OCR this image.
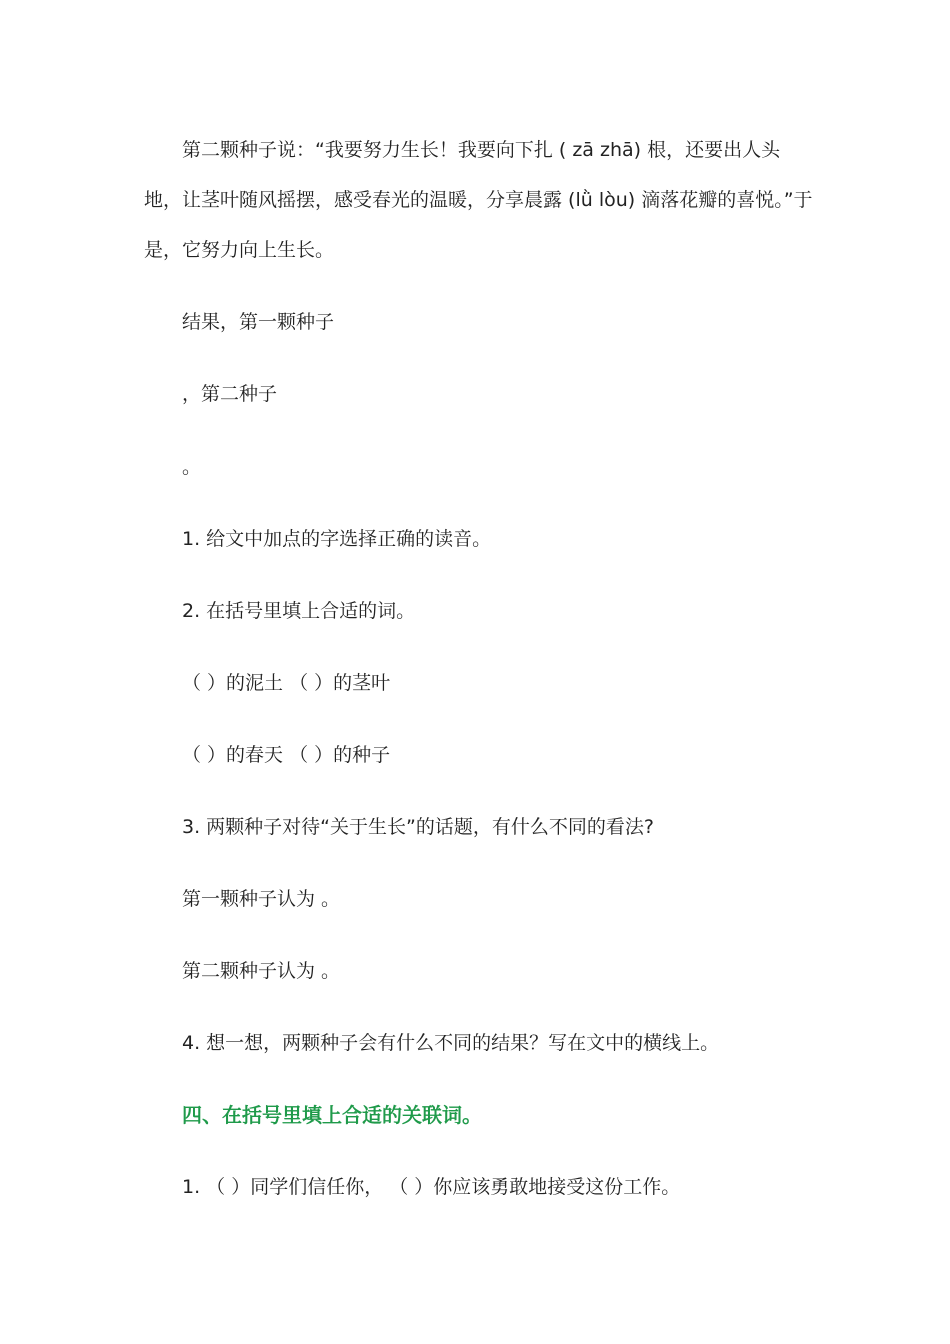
第二颗种子说：“我要努力生长！我要向下扎 ( zā zhā) 根，还要出人头地，让茎叶随风摇摆，感受春光的温暖，分享晨露 (lǜ lòu) 滴落花瓣的喜悦。”于是，它努力向上生长。

结果，第一颗种子
，第二种子
。
1. 给文中加点的字选择正确的读音。
2. 在括号里填上合适的词。
（ ）的泥土 （ ）的茎叶
（ ）的春天 （ ）的种子
3. 两颗种子对待“关于生长”的话题，有什么不同的看法?
第一颗种子认为 。
第二颗种子认为 。
4. 想一想，两颗种子会有什么不同的结果？写在文中的横线上。
四、在括号里填上合适的关联词。
1. （ ）同学们信任你， （ ）你应该勇敢地接受这份工作。
